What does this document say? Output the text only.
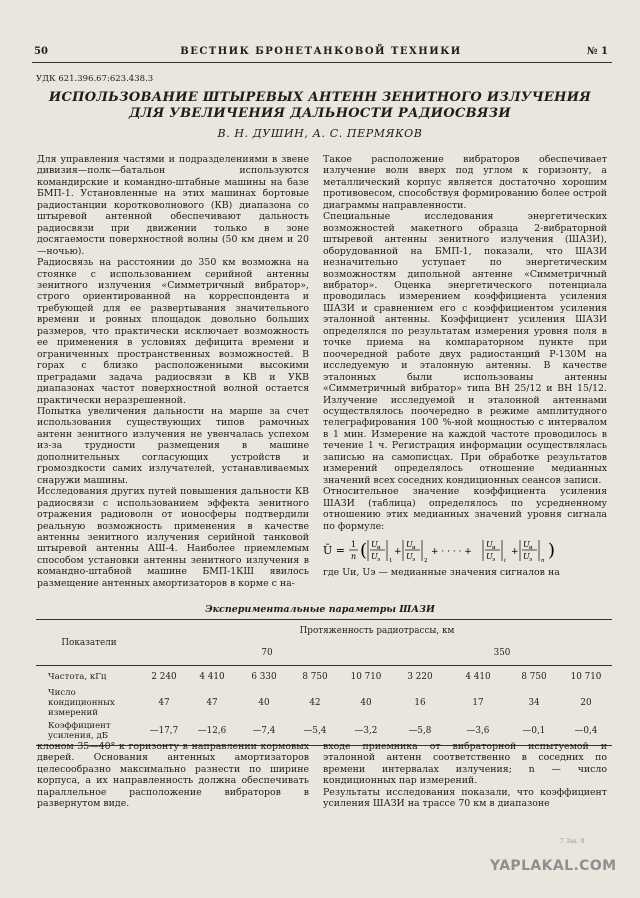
50	ВЕСТНИК БРОНЕТАНКОВОЙ ТЕХНИКИ	№ 1
УДК 621.396.67:623.438.3
ИСПОЛЬЗОВАНИЕ ШТЫРЕВЫХ АНТЕНН ЗЕНИТНОГО ИЗЛУЧЕНИЯ
ДЛЯ УВЕЛИЧЕНИЯ ДАЛЬНОСТИ РАДИОСВЯЗИ
В. Н. ДУШИН, А. С. ПЕРМЯКОВ

Для управления частями и подразделениями в звене дивизия—полк—батальон используются командирские и командно-штабные машины на базе БМП-1. Установленные на этих машинах бортовые радиостанции коротковолнового (КВ) диапазона со штыревой антенной обеспечивают дальность радиосвязи при движении только в зоне досягаемости поверхностной волны (50 км днем и 20—ночью).

Радиосвязь на расстоянии до 350 км возможна на стоянке с использованием серийной антенны зенитного излучения «Симметричный вибратор», строго ориентированной на корреспондента и требующей для ее развертывания значительного времени и ровных площадок довольно больших размеров, что практически исключает возможность ее применения в условиях дефицита времени и ограниченных пространственных возможностей. В горах с близко расположенными высокими преградами задача радиосвязи в КВ и УКВ диапазонах частот поверхностной волной остается практически неразрешенной.

Попытка увеличения дальности на марше за счет использования существующих типов рамочных антенн зенитного излучения не увенчалась успехом из-за трудности размещения в машине дополнительных согласующих устройств и громоздкости самих излучателей, устанавливаемых снаружи машины.

Исследования других путей повышения дальности КВ радиосвязи с использованием эффекта зенитного отражения радиоволн от ионосферы подтвердили реальную возможность применения в качестве антенны зенитного излучения серийной танковой штыревой антенны АШ-4. Наиболее приемлемым способом установки антенны зенитного излучения в командно-штабной машине БМП-1КШ явилось размещение антенных амортизаторов в корме с на-

Такое расположение вибраторов обеспечивает излучение волн вверх под углом к горизонту, а металлический корпус является достаточно хорошим противовесом, способствуя формированию более острой диаграммы направленности.

Специальные исследования энергетических возможностей макетного образца 2-вибраторной штыревой антенны зенитного излучения (ШАЗИ), оборудованной на БМП-1, показали, что ШАЗИ незначительно уступает по энергетическим возможностям дипольной антенне «Симметричный вибратор». Оценка энергетического потенциала проводилась измерением коэффициента усиления ШАЗИ и сравнением его с коэффициентом усиления эталонной антенны. Коэффициент усиления ШАЗИ определялся по результатам измерения уровня поля в точке приема на компараторном пункте при поочередной работе двух радиостанций Р-130М на исследуемую и эталонную антенны. В качестве эталонных были использованы антенны «Симметричный вибратор» типа ВН 25/12 и ВН 15/12. Излучение исследуемой и эталонной антеннами осуществлялось поочередно в режиме амплитудного телеграфирования 100 %-ной мощностью с интервалом в 1 мин. Измерение на каждой частоте проводилось в течение 1 ч. Регистрация информации осуществлялась записью на самописцах. При обработке результатов измерений определялось отношение медианных значений всех соседних кондиционных сеансов записи.

Относительное значение коэффициента усиления ШАЗИ (таблица) определялось по усредненному отношению этих медианных значений уровня сигнала по формуле:

Ū = 1
n ( U и
U э 1
+
U и
U э 2
+ · · · · +
U и
U э i
+
U и
U э n )

где Uи, Uэ — медианные значения сигналов на

Экспериментальные параметры ШАЗИ
Показатели	Протяженность радиотрассы, км								
	70					350			
Частота, кГц	2 240	4 410	6 330	8 750	10 710	3 220	4 410	8 750	10 710
Число кондиционных измерений	47	47	40	42	40	16	17	34	20
Коэффициент усиления, дБ	—17,7	—12,6	—7,4	—5,4	—3,2	—5,8	—3,6	—0,1	—0,4

клоном 35—40° к горизонту в направлении кормовых дверей. Основания антенных амортизаторов целесообразно максимально разнести по ширине корпуса, а их направленность должна обеспечивать параллельное расположение вибраторов в развернутом виде.

входе приемника от вибраторной испытуемой и эталонной антенн соответственно в соседних по времени интервалах излучения; n — число кондиционных пар измерений.

Результаты исследования показали, что коэффициент усиления ШАЗИ на трассе 70 км в диапазоне

7 Зак. 8
YAPLAKAL.COM
